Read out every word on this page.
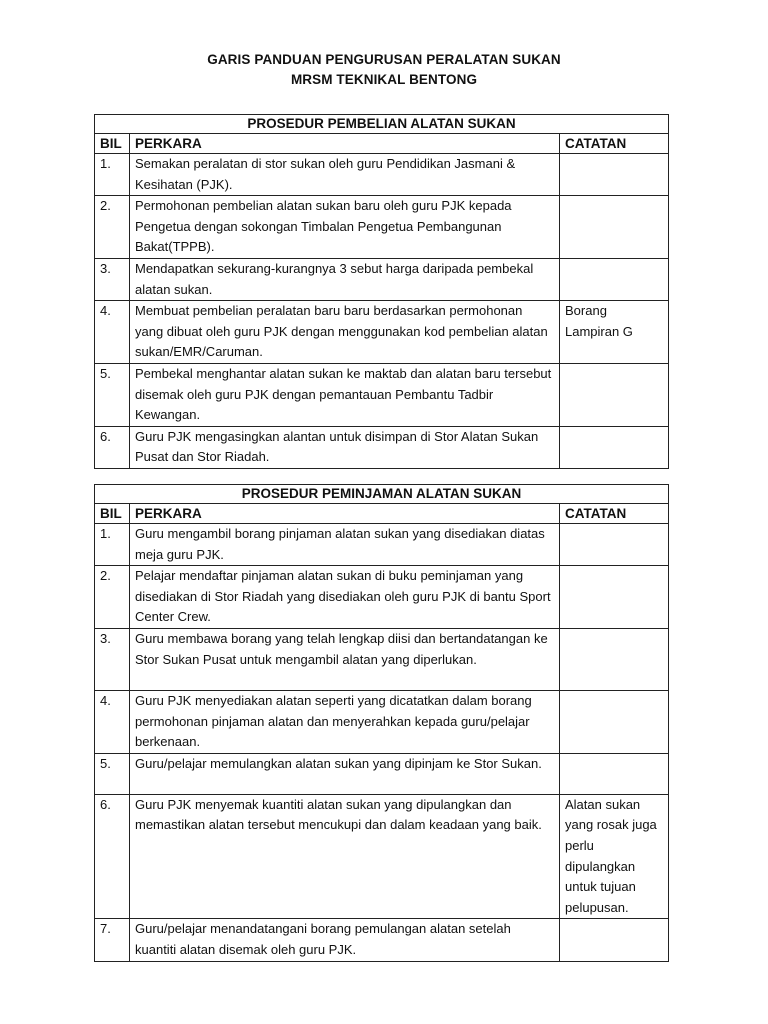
GARIS PANDUAN PENGURUSAN PERALATAN SUKAN
MRSM TEKNIKAL BENTONG
PROSEDUR PEMBELIAN ALATAN SUKAN		
BIL	PERKARA	CATATAN
1.	Semakan peralatan di stor sukan oleh guru Pendidikan Jasmani & Kesihatan (PJK).	
2.	Permohonan pembelian alatan sukan baru oleh guru PJK kepada Pengetua dengan sokongan Timbalan Pengetua Pembangunan Bakat(TPPB).	
3.	Mendapatkan sekurang-kurangnya 3 sebut harga daripada pembekal alatan sukan.	
4.	Membuat pembelian peralatan baru baru berdasarkan permohonan yang dibuat oleh guru PJK dengan menggunakan kod pembelian alatan sukan/EMR/Caruman.	Borang Lampiran G
5.	Pembekal menghantar alatan sukan ke maktab dan alatan baru tersebut disemak oleh guru PJK dengan pemantauan Pembantu Tadbir Kewangan.	
6.	Guru PJK mengasingkan alantan untuk disimpan di Stor Alatan Sukan Pusat dan Stor Riadah.	
PROSEDUR PEMINJAMAN ALATAN SUKAN		
BIL	PERKARA	CATATAN
1.	Guru mengambil borang pinjaman alatan sukan yang disediakan diatas meja guru PJK.	
2.	Pelajar mendaftar pinjaman alatan sukan di buku peminjaman yang disediakan di Stor Riadah yang disediakan oleh guru PJK di bantu Sport Center Crew.	
3.	Guru membawa borang yang telah lengkap diisi dan bertandatangan ke Stor Sukan Pusat untuk mengambil alatan yang diperlukan.	
4.	Guru PJK menyediakan alatan seperti yang dicatatkan dalam borang permohonan pinjaman alatan dan menyerahkan kepada guru/pelajar berkenaan.	
5.	Guru/pelajar memulangkan alatan sukan yang dipinjam ke Stor Sukan.	
6.	Guru PJK menyemak kuantiti alatan sukan yang dipulangkan dan memastikan alatan tersebut mencukupi dan dalam keadaan yang baik.	Alatan sukan yang rosak juga perlu dipulangkan untuk tujuan pelupusan.
7.	Guru/pelajar menandatangani borang pemulangan alatan setelah kuantiti alatan disemak oleh guru PJK.	
